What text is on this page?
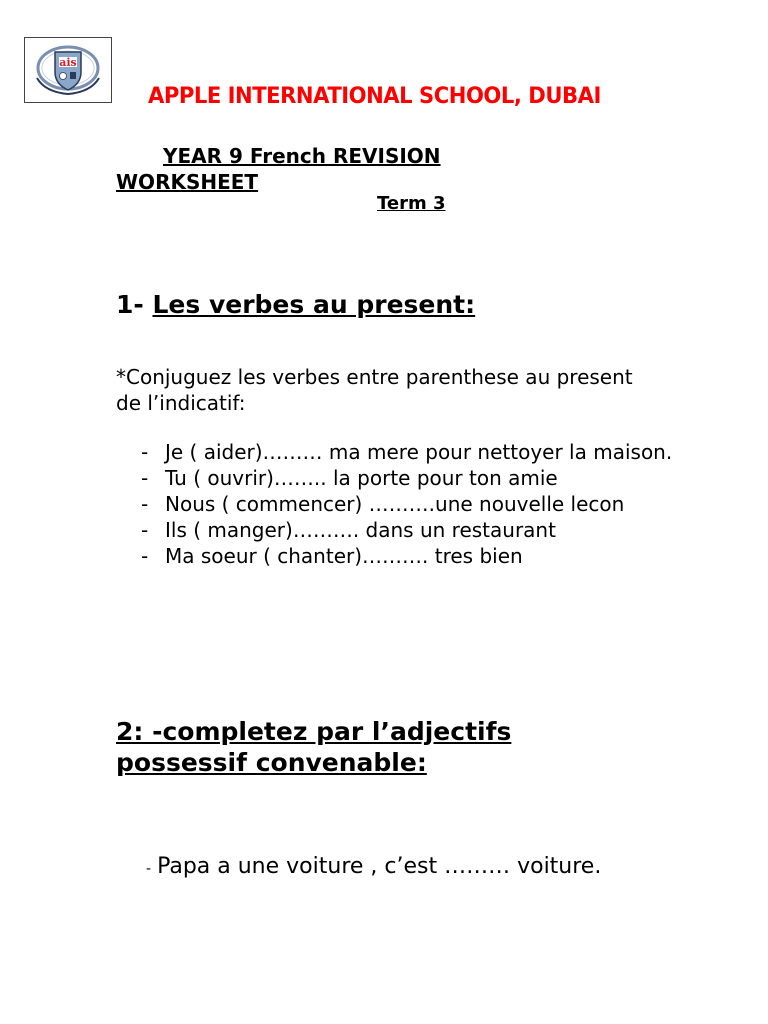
ais
APPLE INTERNATIONAL SCHOOL, DUBAI
YEAR 9 French REVISION
WORKSHEET
Term 3
1- Les verbes au present:
*Conjuguez les verbes entre parenthese au present de l’indicatif:
- Je ( aider)……… ma mere pour nettoyer la maison.
- Tu ( ouvrir)…….. la porte pour ton amie
- Nous ( commencer) ……….une nouvelle lecon
- Ils ( manger)………. dans un restaurant
- Ma soeur ( chanter)………. tres bien
2: -completez par l’adjectifs
possessif convenable:
- Papa a une voiture , c’est ……… voiture.
